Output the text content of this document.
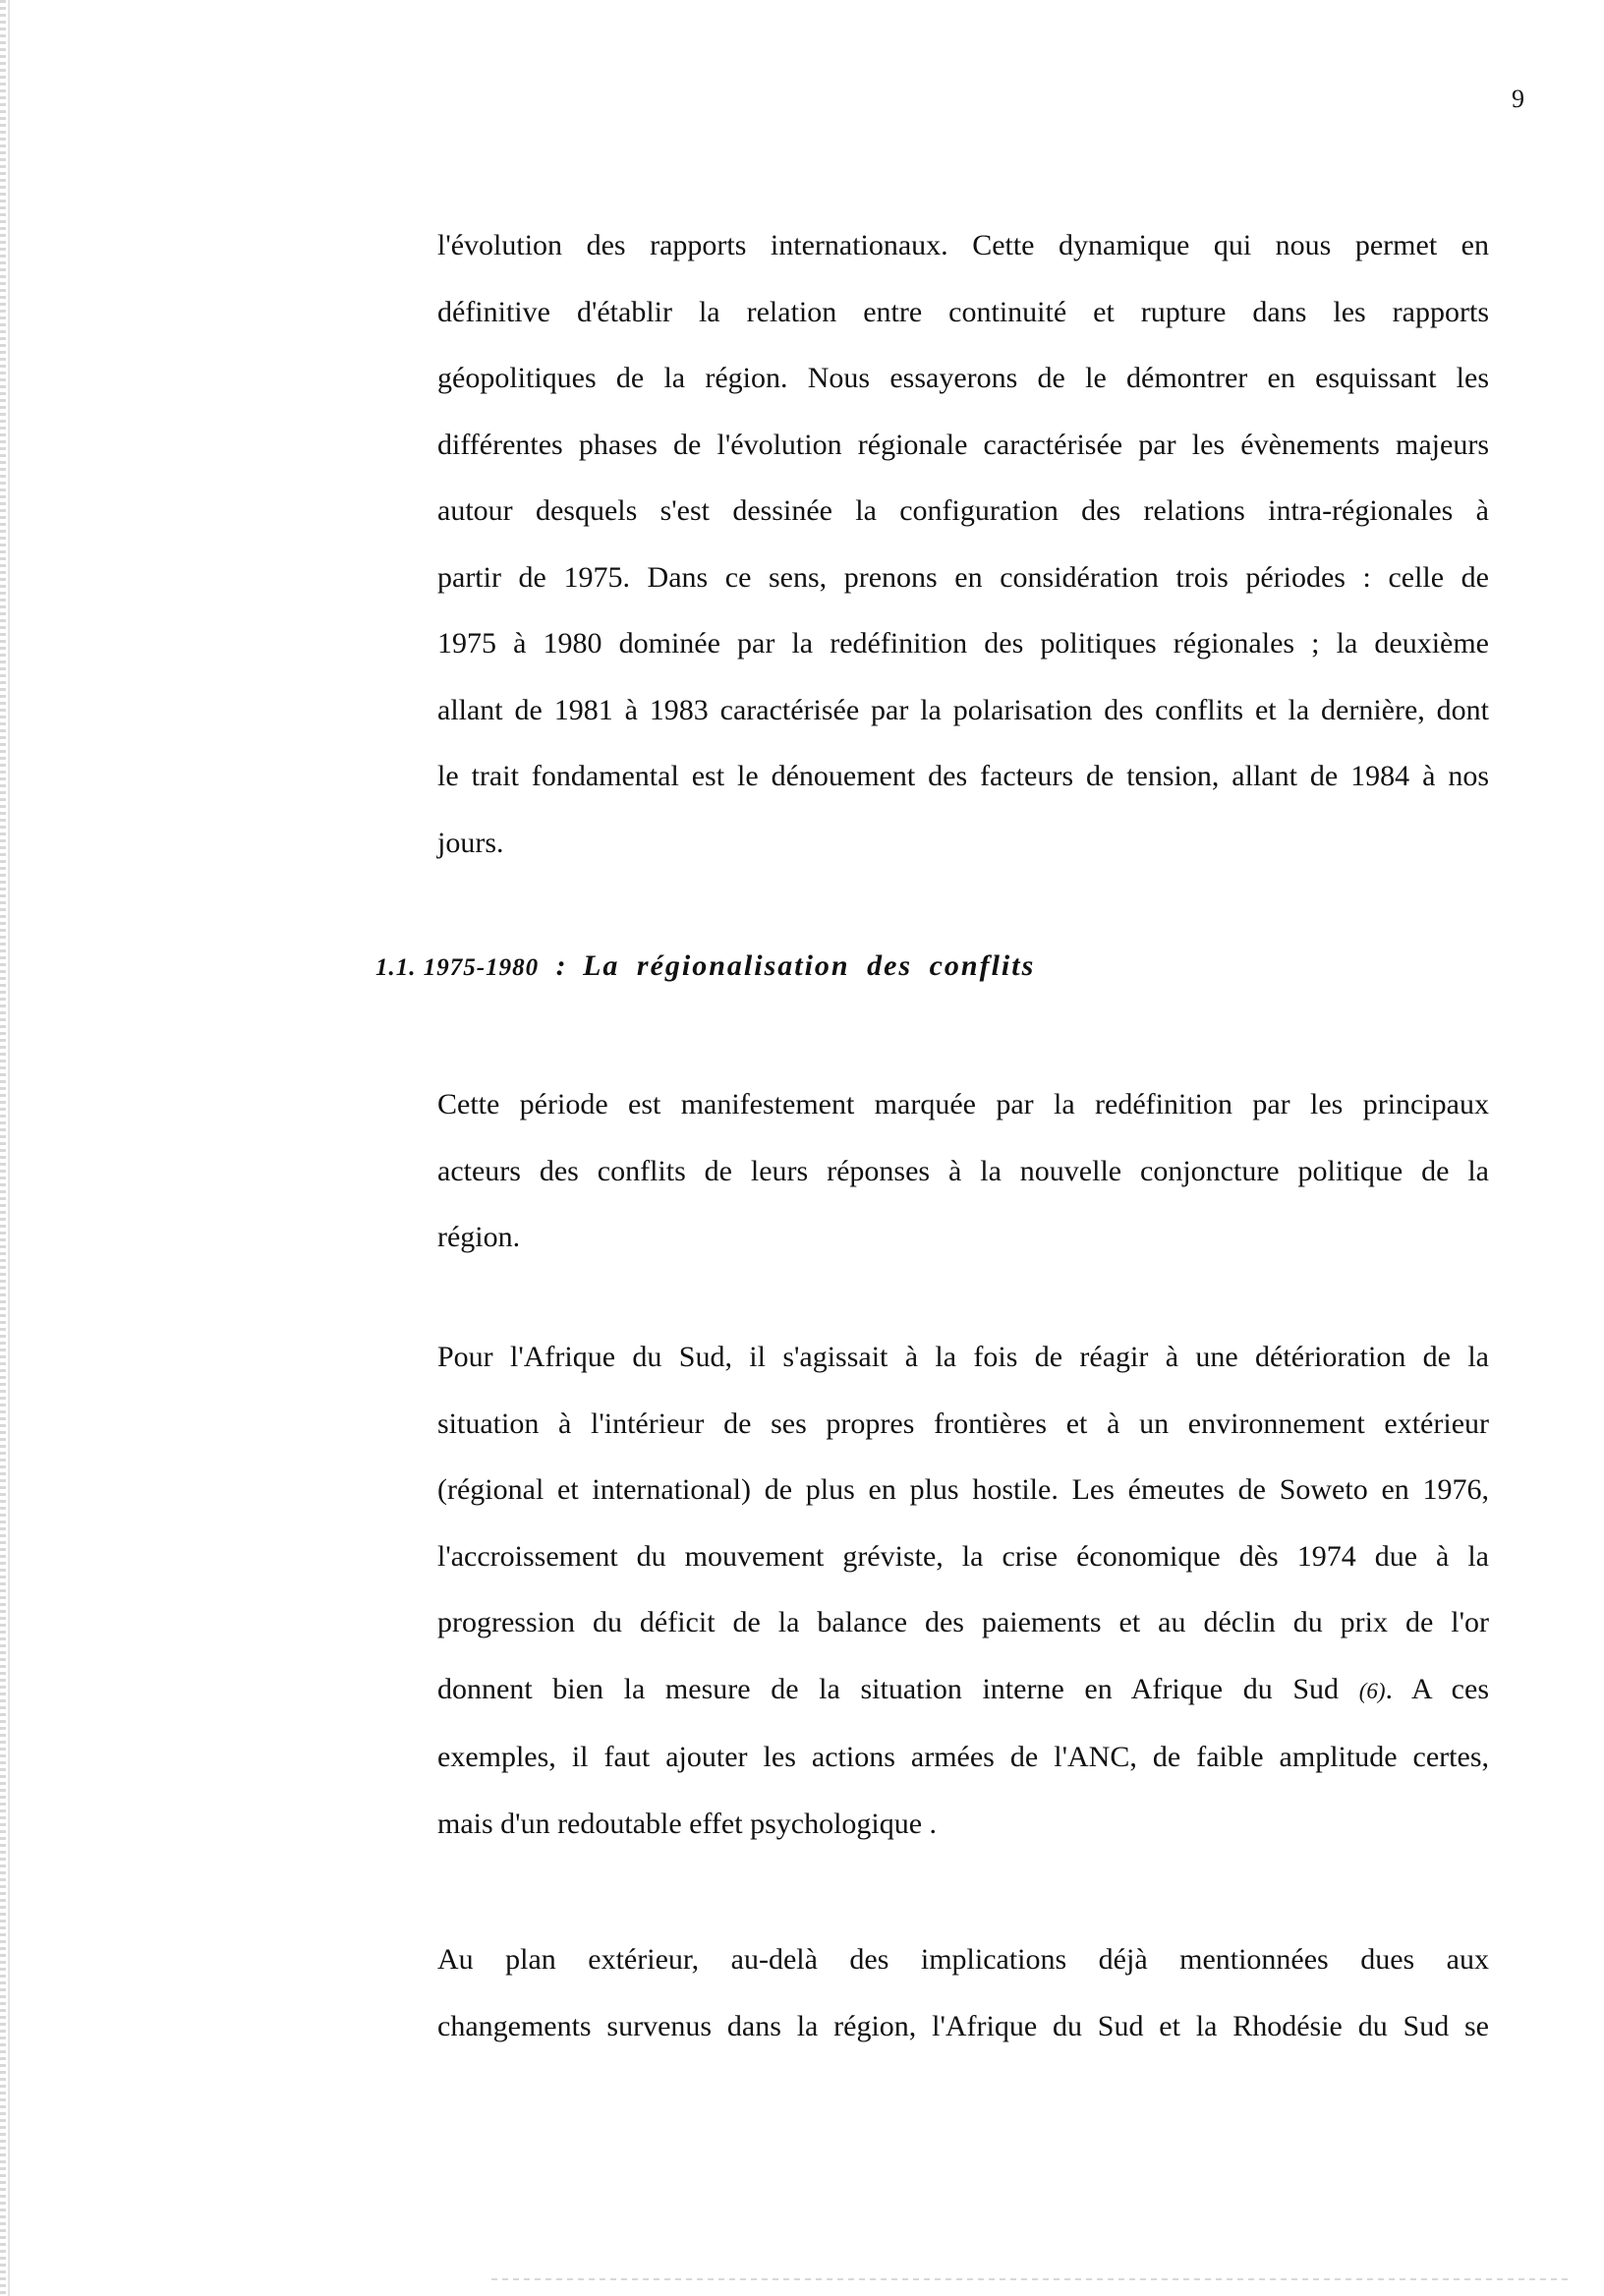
9

l'évolution des rapports internationaux. Cette dynamique qui nous permet en
définitive d'établir la relation entre continuité et rupture dans les rapports
géopolitiques de la région. Nous essayerons de le démontrer en esquissant les
différentes phases de l'évolution régionale caractérisée par les évènements majeurs
autour desquels s'est dessinée la configuration des relations intra-régionales à
partir de 1975. Dans ce sens, prenons en considération trois périodes : celle de
1975 à 1980 dominée par la redéfinition des politiques régionales ; la deuxième
allant de 1981 à 1983 caractérisée par la polarisation des conflits et la dernière, dont
le trait fondamental est le dénouement des facteurs de tension, allant de 1984 à nos
jours.

1.1. 1975-1980 : La régionalisation des conflits

Cette période est manifestement marquée par la redéfinition par les principaux
acteurs des conflits de leurs réponses à la nouvelle conjoncture politique de la
région.

Pour l'Afrique du Sud, il s'agissait à la fois de réagir à une détérioration de la
situation à l'intérieur de ses propres frontières et à un environnement extérieur
(régional et international) de plus en plus hostile. Les émeutes de Soweto en 1976,
l'accroissement du mouvement gréviste, la crise économique dès 1974 due à la
progression du déficit de la balance des paiements et au déclin du prix de l'or
donnent bien la mesure de la situation interne en Afrique du Sud (6). A ces
exemples, il faut ajouter les actions armées de l'ANC, de faible amplitude certes,
mais d'un redoutable effet psychologique .

Au plan extérieur, au-delà des implications déjà mentionnées dues aux
changements survenus dans la région, l'Afrique du Sud et la Rhodésie du Sud se
